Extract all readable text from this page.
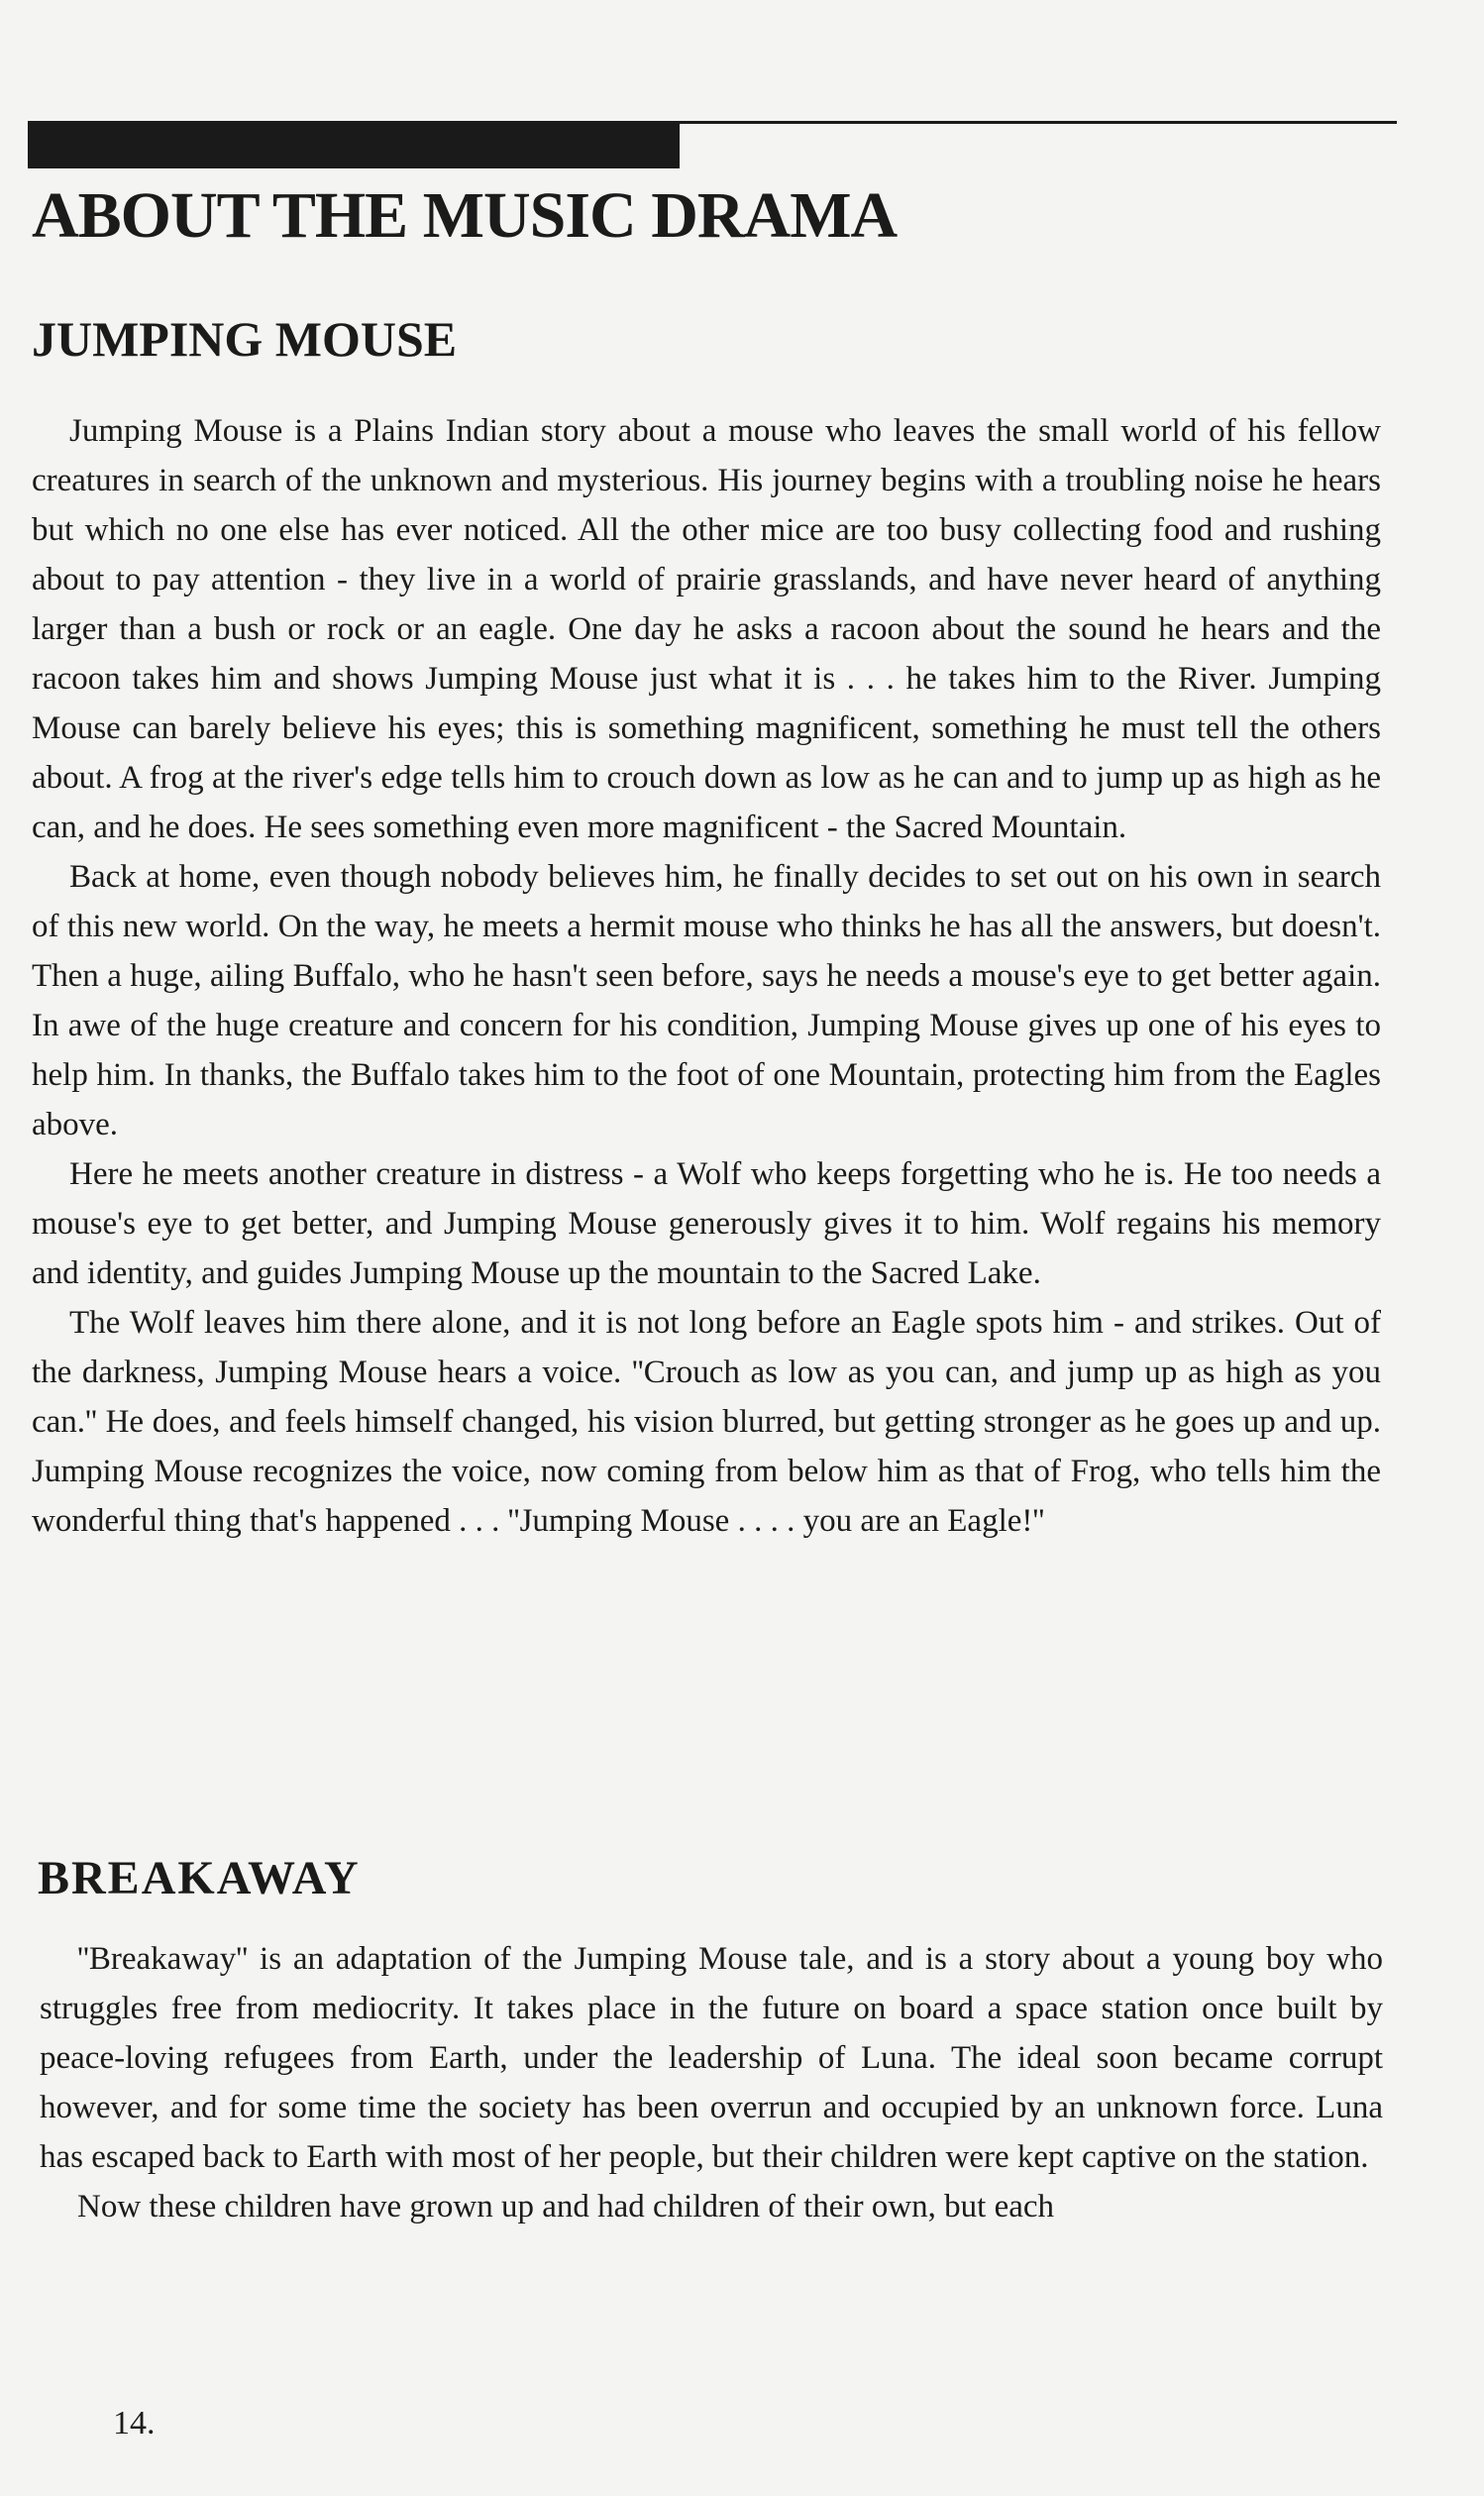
ABOUT THE MUSIC DRAMA
JUMPING MOUSE

Jumping Mouse is a Plains Indian story about a mouse who leaves the small world of his fellow creatures in search of the unknown and mysterious. His journey begins with a troubling noise he hears but which no one else has ever noticed. All the other mice are too busy collecting food and rushing about to pay attention - they live in a world of prairie grasslands, and have never heard of anything larger than a bush or rock or an eagle. One day he asks a racoon about the sound he hears and the racoon takes him and shows Jumping Mouse just what it is . . . he takes him to the River. Jumping Mouse can barely believe his eyes; this is something magnificent, something he must tell the others about. A frog at the river's edge tells him to crouch down as low as he can and to jump up as high as he can, and he does. He sees something even more magnificent - the Sacred Mountain.

Back at home, even though nobody believes him, he finally decides to set out on his own in search of this new world. On the way, he meets a hermit mouse who thinks he has all the answers, but doesn't. Then a huge, ailing Buffalo, who he hasn't seen before, says he needs a mouse's eye to get better again. In awe of the huge creature and concern for his condition, Jumping Mouse gives up one of his eyes to help him. In thanks, the Buffalo takes him to the foot of one Mountain, protecting him from the Eagles above.

Here he meets another creature in distress - a Wolf who keeps forgetting who he is. He too needs a mouse's eye to get better, and Jumping Mouse generously gives it to him. Wolf regains his memory and identity, and guides Jumping Mouse up the mountain to the Sacred Lake.

The Wolf leaves him there alone, and it is not long before an Eagle spots him - and strikes. Out of the darkness, Jumping Mouse hears a voice. ''Crouch as low as you can, and jump up as high as you can.'' He does, and feels himself changed, his vision blurred, but getting stronger as he goes up and up. Jumping Mouse recognizes the voice, now coming from below him as that of Frog, who tells him the wonderful thing that's happened . . . ''Jumping Mouse . . . . you are an Eagle!''

BREAKAWAY

''Breakaway'' is an adaptation of the Jumping Mouse tale, and is a story about a young boy who struggles free from mediocrity. It takes place in the future on board a space station once built by peace-loving refugees from Earth, under the leadership of Luna. The ideal soon became corrupt however, and for some time the society has been overrun and occupied by an unknown force. Luna has escaped back to Earth with most of her people, but their children were kept captive on the station.

Now these children have grown up and had children of their own, but each

14.
